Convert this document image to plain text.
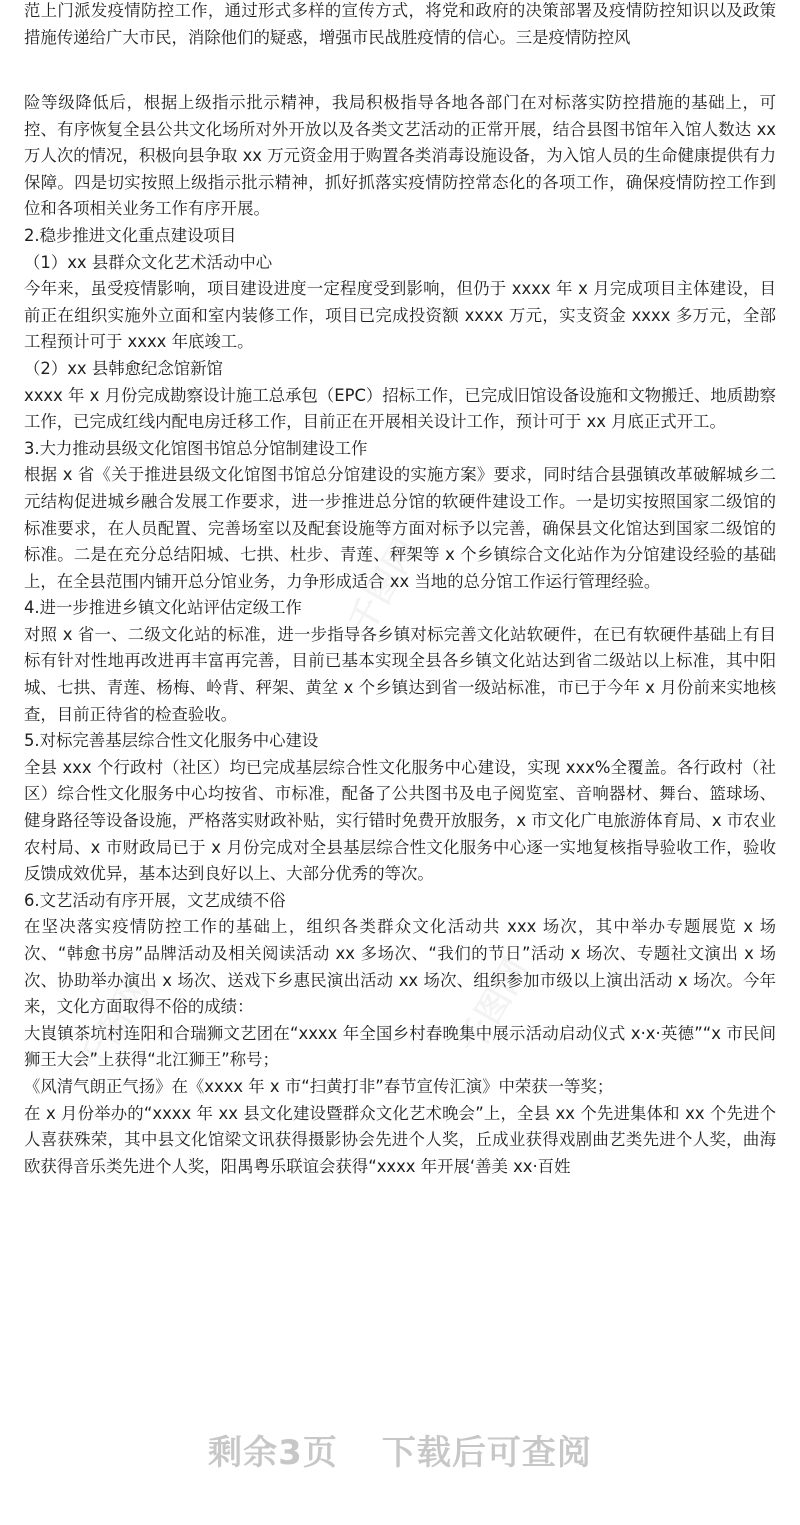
范上门派发疫情防控工作，通过形式多样的宣传方式，将党和政府的决策部署及疫情防控知识以及政策措施传递给广大市民，消除他们的疑惑，增强市民战胜疫情的信心。三是疫情防控风

险等级降低后，根据上级指示批示精神，我局积极指导各地各部门在对标落实防控措施的基础上，可控、有序恢复全县公共文化场所对外开放以及各类文艺活动的正常开展，结合县图书馆年入馆人数达 xx 万人次的情况，积极向县争取 xx 万元资金用于购置各类消毒设施设备，为入馆人员的生命健康提供有力保障。四是切实按照上级指示批示精神，抓好抓落实疫情防控常态化的各项工作，确保疫情防控工作到位和各项相关业务工作有序开展。

2.稳步推进文化重点建设项目
（1）xx 县群众文化艺术活动中心

今年来，虽受疫情影响，项目建设进度一定程度受到影响，但仍于 xxxx 年 x 月完成项目主体建设，目前正在组织实施外立面和室内装修工作，项目已完成投资额 xxxx 万元，实支资金 xxxx 多万元，全部工程预计可于 xxxx 年底竣工。

（2）xx 县韩愈纪念馆新馆

xxxx 年 x 月份完成勘察设计施工总承包（EPC）招标工作，已完成旧馆设备设施和文物搬迁、地质勘察工作，已完成红线内配电房迁移工作，目前正在开展相关设计工作，预计可于 xx 月底正式开工。

3.大力推动县级文化馆图书馆总分馆制建设工作

根据 x 省《关于推进县级文化馆图书馆总分馆建设的实施方案》要求，同时结合县强镇改革破解城乡二元结构促进城乡融合发展工作要求，进一步推进总分馆的软硬件建设工作。一是切实按照国家二级馆的标准要求，在人员配置、完善场室以及配套设施等方面对标予以完善，确保县文化馆达到国家二级馆的标准。二是在充分总结阳城、七拱、杜步、青莲、秤架等 x 个乡镇综合文化站作为分馆建设经验的基础上，在全县范围内铺开总分馆业务，力争形成适合 xx 当地的总分馆工作运行管理经验。

4.进一步推进乡镇文化站评估定级工作

对照 x 省一、二级文化站的标准，进一步指导各乡镇对标完善文化站软硬件，在已有软硬件基础上有目标有针对性地再改进再丰富再完善，目前已基本实现全县各乡镇文化站达到省二级站以上标准，其中阳城、七拱、青莲、杨梅、岭背、秤架、黄坌 x 个乡镇达到省一级站标准，市已于今年 x 月份前来实地核查，目前正待省的检查验收。

5.对标完善基层综合性文化服务中心建设

全县 xxx 个行政村（社区）均已完成基层综合性文化服务中心建设，实现 xxx%全覆盖。各行政村（社区）综合性文化服务中心均按省、市标准，配备了公共图书及电子阅览室、音响器材、舞台、篮球场、健身路径等设备设施，严格落实财政补贴，实行错时免费开放服务，x 市文化广电旅游体育局、x 市农业农村局、x 市财政局已于 x 月份完成对全县基层综合性文化服务中心逐一实地复核指导验收工作，验收反馈成效优异，基本达到良好以上、大部分优秀的等次。

6.文艺活动有序开展，文艺成绩不俗

在坚决落实疫情防控工作的基础上，组织各类群众文化活动共 xxx 场次，其中举办专题展览 x 场次、“韩愈书房”品牌活动及相关阅读活动 xx 多场次、“我们的节日”活动 x 场次、专题社文演出 x 场次、协助举办演出 x 场次、送戏下乡惠民演出活动 xx 场次、组织参加市级以上演出活动 x 场次。今年来，文化方面取得不俗的成绩：

大崀镇茶坑村连阳和合瑞狮文艺团在“xxxx 年全国乡村春晚集中展示活动启动仪式 x·x·英德”“x 市民间狮王大会”上获得“北江狮王”称号；

《风清气朗正气扬》在《xxxx 年 x 市“扫黄打非”春节宣传汇演》中荣获一等奖；

在 x 月份举办的“xxxx 年 xx 县文化建设暨群众文化艺术晚会”上，全县 xx 个先进集体和 xx 个先进个人喜获殊荣，其中县文化馆梁文讯获得摄影协会先进个人奖，丘成业获得戏剧曲艺类先进个人奖，曲海欧获得音乐类先进个人奖，阳禺粤乐联谊会获得“xxxx 年开展‘善美 xx·百姓

剩余3页 下载后可查阅
